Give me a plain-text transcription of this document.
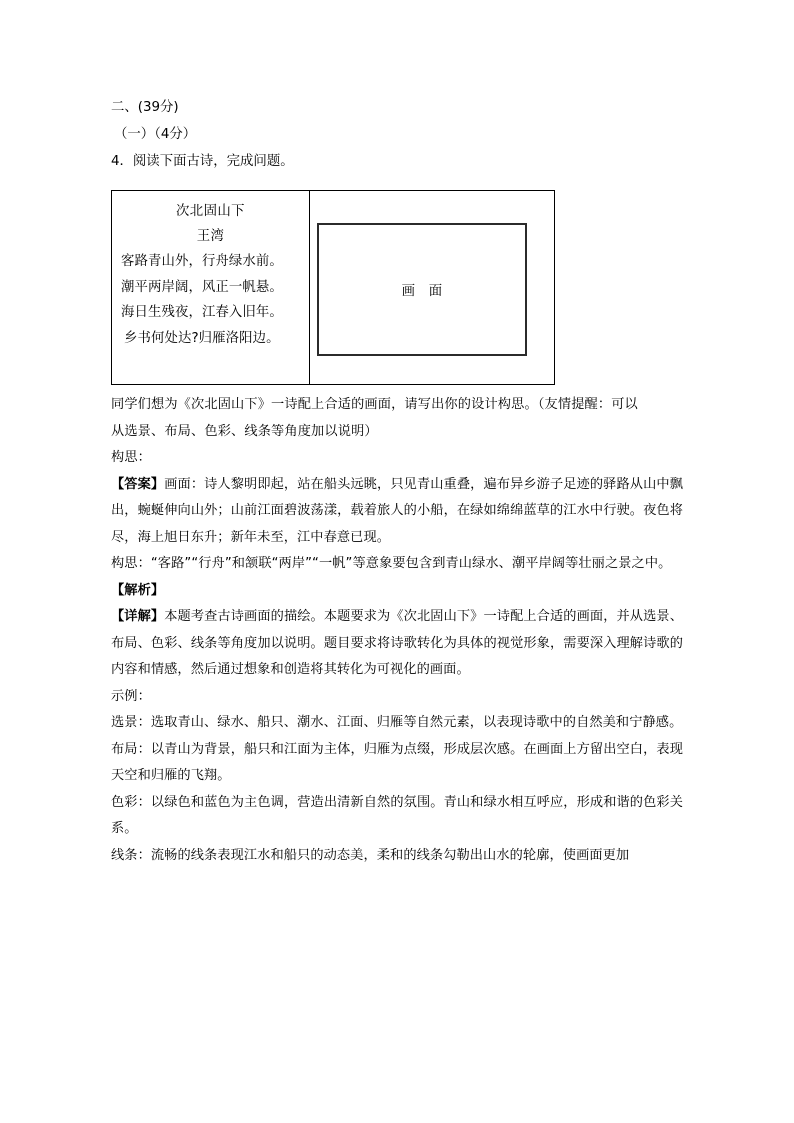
二、(39分)
（一）（4分）
4．阅读下面古诗，完成问题。
次北固山下
王湾
客路青山外，行舟绿水前。
潮平两岸阔，风正一帆悬。
海日生残夜，江春入旧年。
乡书何处达?归雁洛阳边。
画　面
同学们想为《次北固山下》一诗配上合适的画面，请写出你的设计构思。（友情提醒：可以
从选景、布局、色彩、线条等角度加以说明）
构思：
【答案】画面：诗人黎明即起，站在船头远眺，只见青山重叠，遍布异乡游子足迹的驿路从山中飘出，蜿蜒伸向山外；山前江面碧波荡漾，载着旅人的小船，在绿如绵绵蓝草的江水中行驶。夜色将尽，海上旭日东升；新年未至，江中春意已现。
构思：“客路”“行舟”和颔联“两岸”“一帆”等意象要包含到青山绿水、潮平岸阔等壮丽之景之中。
【解析】
【详解】本题考查古诗画面的描绘。本题要求为《次北固山下》一诗配上合适的画面，并从选景、布局、色彩、线条等角度加以说明。题目要求将诗歌转化为具体的视觉形象，需要深入理解诗歌的内容和情感，然后通过想象和创造将其转化为可视化的画面。
示例：
选景：选取青山、绿水、船只、潮水、江面、归雁等自然元素，以表现诗歌中的自然美和宁静感。
布局：以青山为背景，船只和江面为主体，归雁为点缀，形成层次感。在画面上方留出空白，表现天空和归雁的飞翔。
色彩：以绿色和蓝色为主色调，营造出清新自然的氛围。青山和绿水相互呼应，形成和谐的色彩关系。
线条：流畅的线条表现江水和船只的动态美，柔和的线条勾勒出山水的轮廓，使画面更加
